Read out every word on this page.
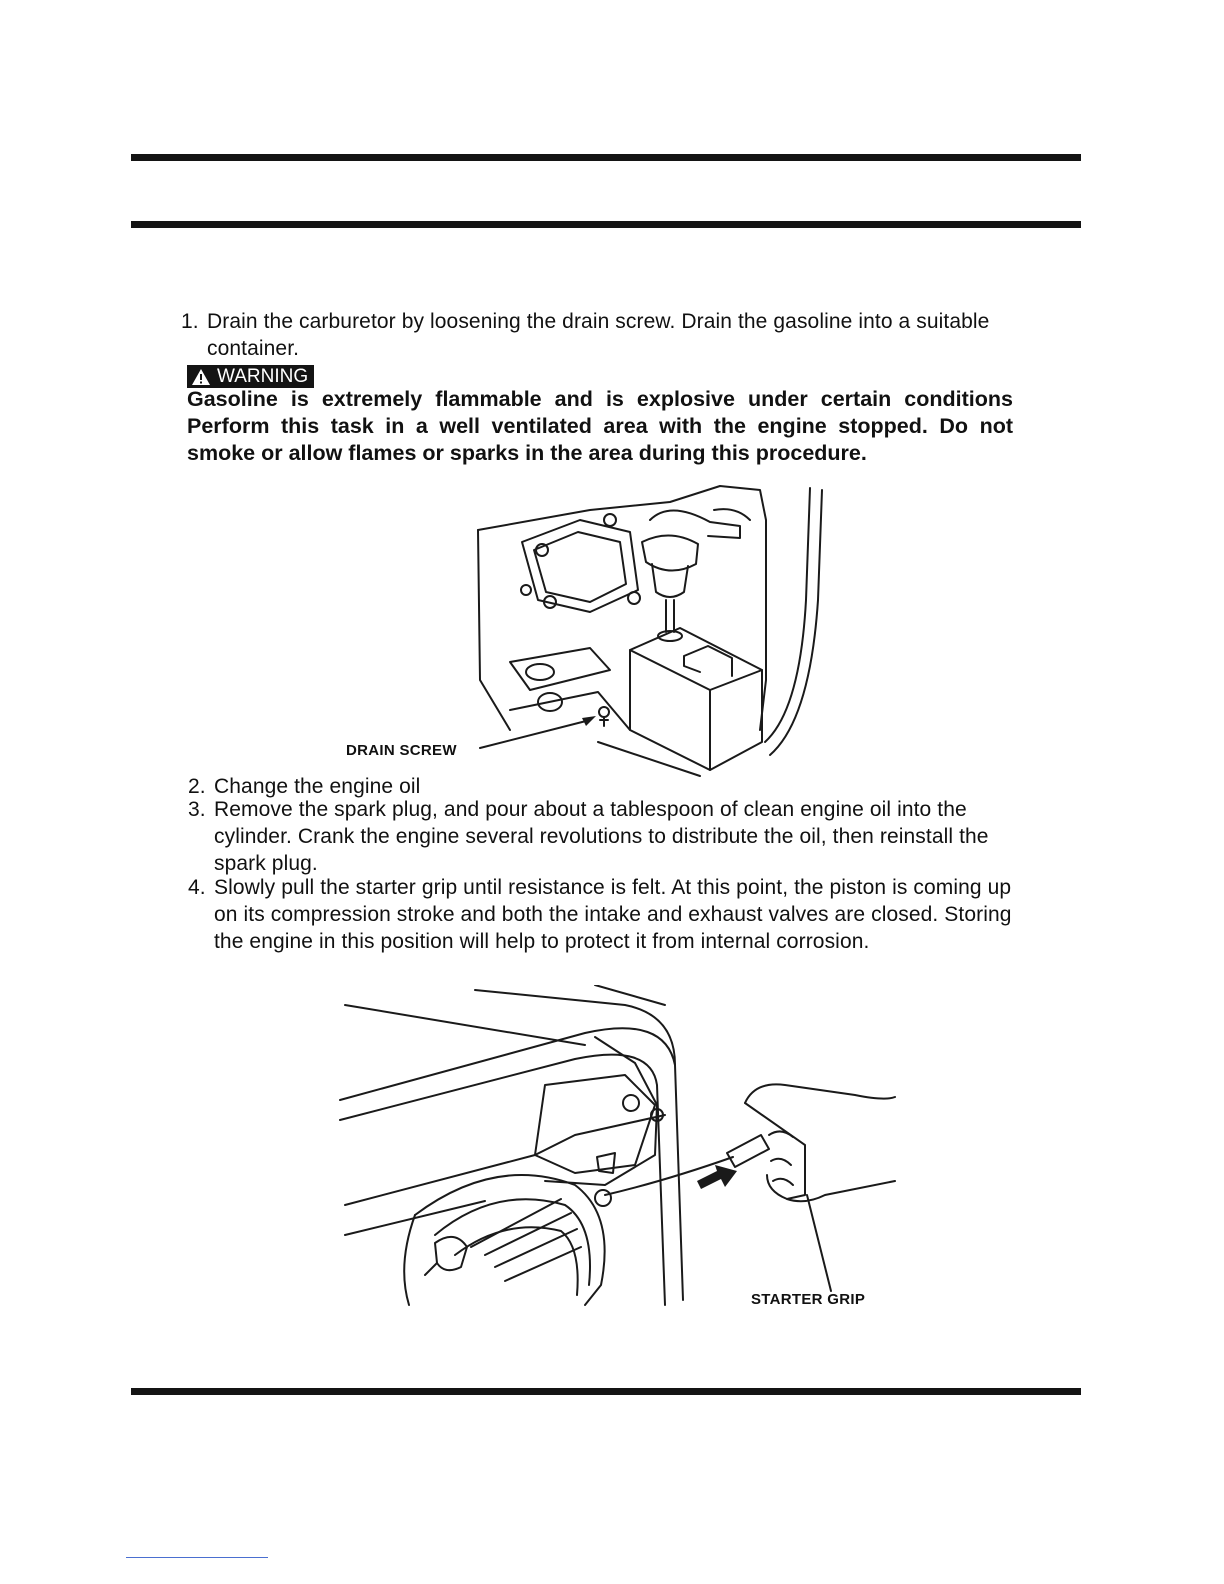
1. Drain the carburetor by loosening the drain screw. Drain the gasoline into a suitable container.
WARNING
Gasoline is extremely flammable and is explosive under certain conditions Perform this task in a well ventilated area with the engine stopped. Do not smoke or allow flames or sparks in the area during this procedure.
DRAIN SCREW
2. Change the engine oil
3. Remove the spark plug, and pour about a tablespoon of clean engine oil into the cylinder. Crank the engine several revolutions to distribute the oil, then reinstall the spark plug.
4. Slowly pull the starter grip until resistance is felt. At this point, the piston is coming up on its compression stroke and both the intake and exhaust valves are closed. Storing the engine in this position will help to protect it from internal corrosion.
STARTER GRIP
